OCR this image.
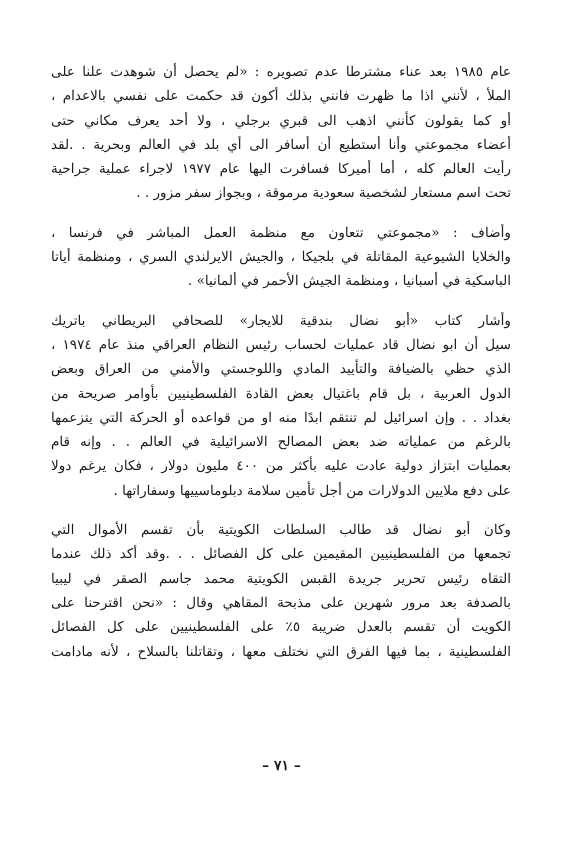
عام ١٩٨٥ بعد عناء مشترطا عدم تصويره : «لم يحصل أن شوهدت علنا على
الملأ ، لأنني اذا ما ظهرت فانني بذلك أكون قد حكمت على نفسي بالاعدام ،
أو كما يقولون كأنني اذهب الى قبري برجلي ، ولا أحد يعرف مكاني حتى
أعضاء مجموعتي وأنا أستطيع أن أسافر الى أي بلد في العالم وبحرية . .لقد
رأيت العالم كله ، أما أميركا فسافرت اليها عام ١٩٧٧ لاجراء عملية جراحية
تحت اسم مستعار لشخصية سعودية مرموقة ، وبجواز سفر مزور . .
وأضاف : «مجموعتي تتعاون مع منظمة العمل المباشر في فرنسا ،
والخلايا الشيوعية المقاتلة في بلجيكا ، والجيش الايرلندي السري ، ومنظمة أياتا
الباسكية في أسبانيا ، ومنظمة الجيش الأحمر في ألمانيا» .
وأشار كتاب «أبو نضال بندقية للايجار» للصحافي البريطاني باتريك
سيل أن ابو نضال قاد عمليات لحساب رئيس النظام العراقي منذ عام ١٩٧٤ ،
الذي حظي بالضيافة والتأييد المادي واللوجستي والأمني من العراق وبعض
الدول العربية ، بل قام باغتيال بعض القادة الفلسطينيين بأوامر صريحة من
بغداد . . وإن اسرائيل لم تنتقم ابدًا منه او من قواعده أو الحركة التي يتزعمها
بالرغم من عملياته ضد بعض المصالح الاسرائيلية في العالم . . وإنه قام
بعمليات ابتزاز دولية عادت عليه بأكثر من ٤٠٠ مليون دولار ، فكان يرغم دولا
على دفع ملايين الدولارات من أجل تأمين سلامة دبلوماسييها وسفاراتها .
وكان أبو نضال قد طالب السلطات الكويتية بأن تقسم الأموال التي
تجمعها من الفلسطينيين المقيمين على كل الفصائل . . .وقد أكد ذلك عندما
التقاه رئيس تحرير جريدة القبس الكويتية محمد جاسم الصقر في ليبيا
بالصدفة بعد مرور شهرين على مذبحة المقاهي وقال : «نحن اقترحنا على
الكويت أن تقسم بالعدل ضريبة ٥٪ على الفلسطينيين على كل الفصائل
الفلسطينية ، بما فيها الفرق التي نختلف معها ، وتقاتلنا بالسلاح ، لأنه مادامت
– ٧١ –
